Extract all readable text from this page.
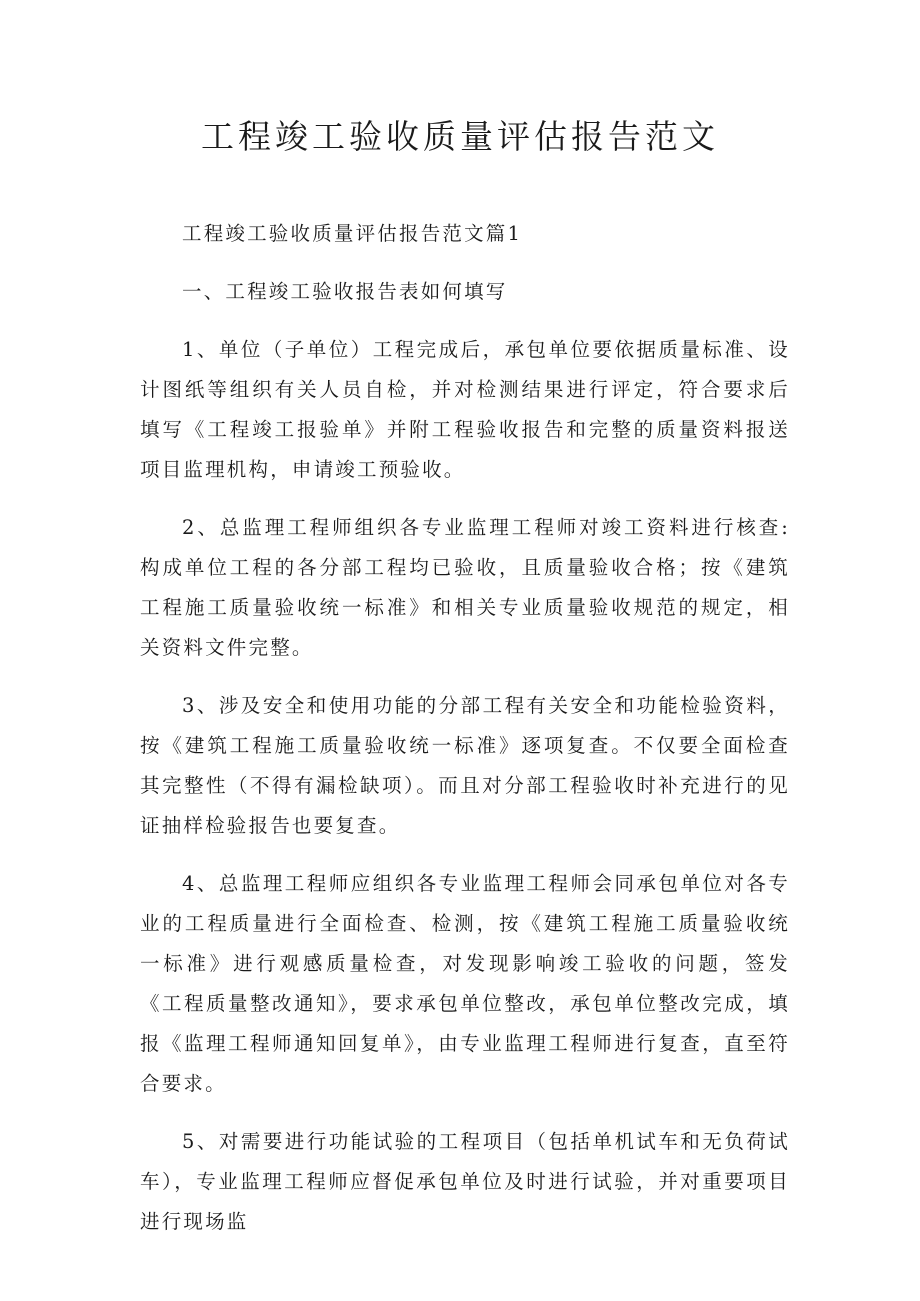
工程竣工验收质量评估报告范文

工程竣工验收质量评估报告范文篇1

一、工程竣工验收报告表如何填写

1、单位（子单位）工程完成后，承包单位要依据质量标准、设计图纸等组织有关人员自检，并对检测结果进行评定，符合要求后填写《工程竣工报验单》并附工程验收报告和完整的质量资料报送项目监理机构，申请竣工预验收。

2、总监理工程师组织各专业监理工程师对竣工资料进行核查:构成单位工程的各分部工程均已验收，且质量验收合格；按《建筑工程施工质量验收统一标准》和相关专业质量验收规范的规定，相关资料文件完整。

3、涉及安全和使用功能的分部工程有关安全和功能检验资料，按《建筑工程施工质量验收统一标准》逐项复查。不仅要全面检查其完整性（不得有漏检缺项）。而且对分部工程验收时补充进行的见证抽样检验报告也要复查。

4、总监理工程师应组织各专业监理工程师会同承包单位对各专业的工程质量进行全面检查、检测，按《建筑工程施工质量验收统一标准》进行观感质量检查，对发现影响竣工验收的问题，签发《工程质量整改通知》，要求承包单位整改，承包单位整改完成，填报《监理工程师通知回复单》，由专业监理工程师进行复查，直至符合要求。

5、对需要进行功能试验的工程项目（包括单机试车和无负荷试车），专业监理工程师应督促承包单位及时进行试验，并对重要项目进行现场监
